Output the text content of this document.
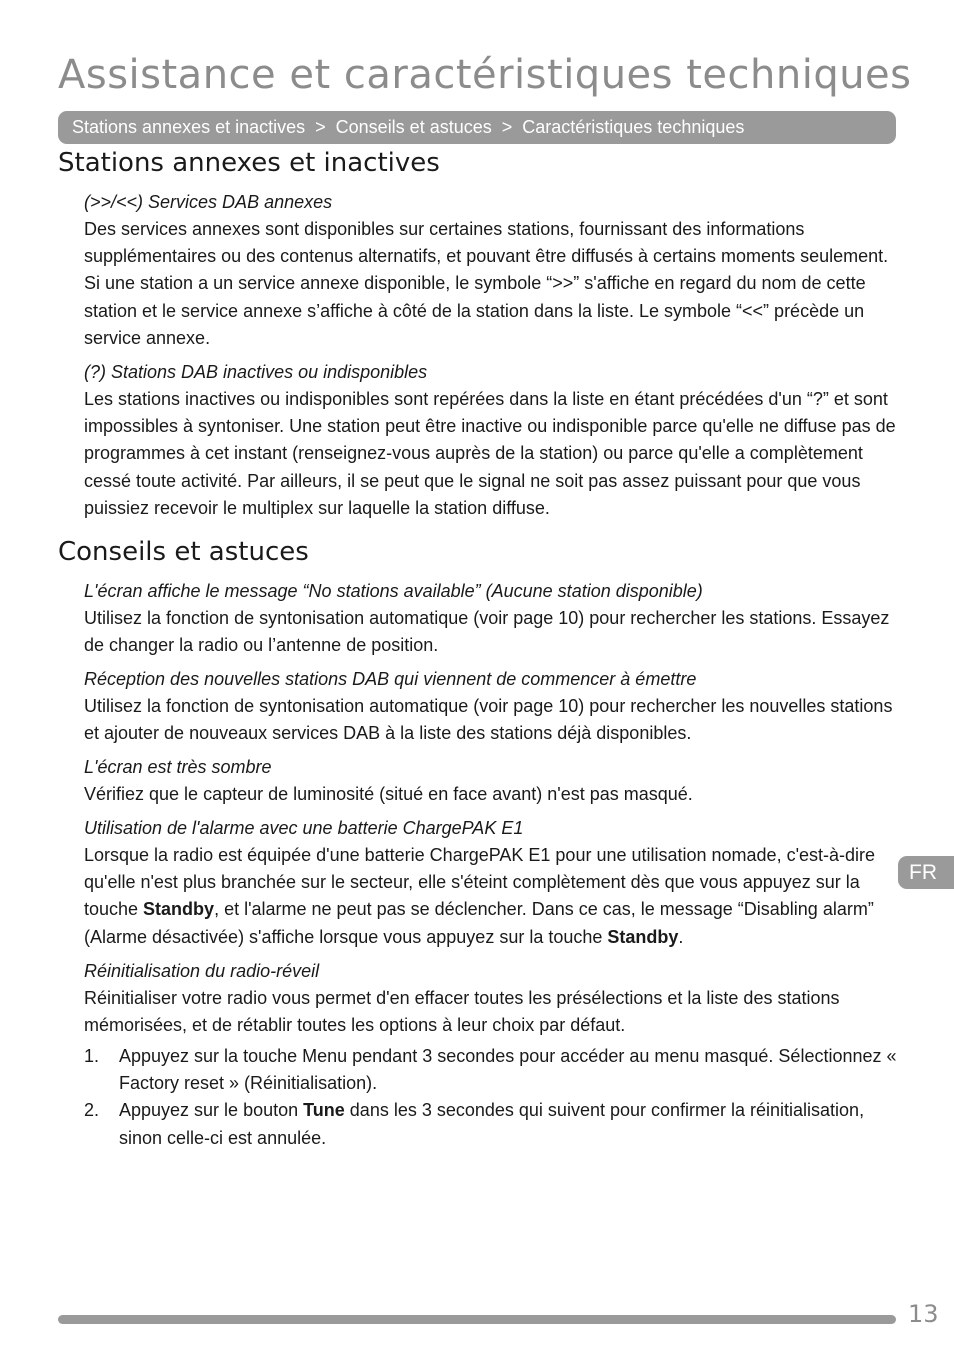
Assistance et caractéristiques techniques
Stations annexes et inactives > Conseils et astuces > Caractéristiques techniques
Stations annexes et inactives
(>>/<<) Services DAB annexes
Des services annexes sont disponibles sur certaines stations, fournissant des informations supplémentaires ou des contenus alternatifs, et pouvant être diffusés à certains moments seulement. Si une station a un service annexe disponible, le symbole “>>” s'affiche en regard du nom de cette station et le service annexe s’affiche à côté de la station dans la liste. Le symbole “<<” précède un service annexe.
(?) Stations DAB inactives ou indisponibles
Les stations inactives ou indisponibles sont repérées dans la liste en étant précédées d'un “?” et sont impossibles à syntoniser. Une station peut être inactive ou indisponible parce qu'elle ne diffuse pas de programmes à cet instant (renseignez-vous auprès de la station) ou parce qu'elle a complètement cessé toute activité. Par ailleurs, il se peut que le signal ne soit pas assez puissant pour que vous puissiez recevoir le multiplex sur laquelle la station diffuse.
Conseils et astuces
L'écran affiche le message “No stations available” (Aucune station disponible)
Utilisez la fonction de syntonisation automatique (voir page 10) pour rechercher les stations. Essayez de changer la radio ou l’antenne de position.
Réception des nouvelles stations DAB qui viennent de commencer à émettre
Utilisez la fonction de syntonisation automatique (voir page 10) pour rechercher les nouvelles stations et ajouter de nouveaux services DAB à la liste des stations déjà disponibles.
L'écran est très sombre
Vérifiez que le capteur de luminosité (situé en face avant) n'est pas masqué.
Utilisation de l'alarme avec une batterie ChargePAK E1
Lorsque la radio est équipée d'une batterie ChargePAK E1 pour une utilisation nomade, c'est-à-dire qu'elle n'est plus branchée sur le secteur, elle s'éteint complètement dès que vous appuyez sur la touche Standby, et l'alarme ne peut pas se déclencher. Dans ce cas, le message “Disabling alarm” (Alarme désactivée) s'affiche lorsque vous appuyez sur la touche Standby.
Réinitialisation du radio-réveil
Réinitialiser votre radio vous permet d'en effacer toutes les présélections et la liste des stations mémorisées, et de rétablir toutes les options à leur choix par défaut.
1.	Appuyez sur la touche Menu pendant 3 secondes pour accéder au menu masqué. Sélectionnez « Factory reset » (Réinitialisation).
2.	Appuyez sur le bouton Tune dans les 3 secondes qui suivent pour confirmer la réinitialisation, sinon celle-ci est annulée.
FR
13
